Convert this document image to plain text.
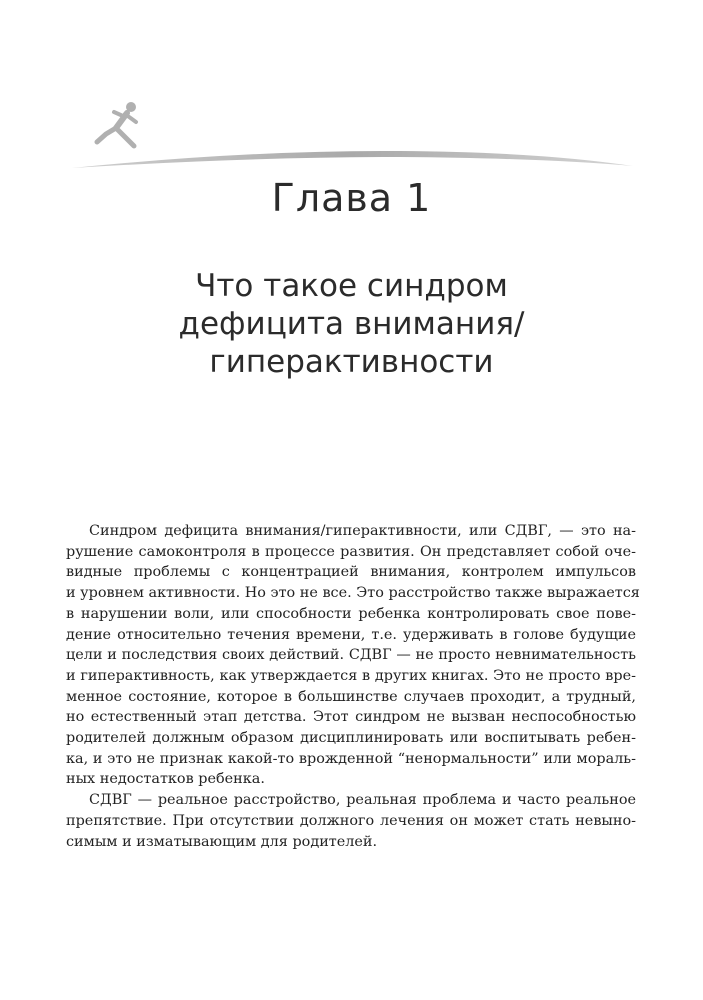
Глава 1
Что такое синдром
дефицита внимания/
гиперактивности
Синдром дефицита внимания/гиперактивности, или СДВГ, — это на-
рушение самоконтроля в процессе развития. Он представляет собой оче-
видные проблемы с концентрацией внимания, контролем импульсов
и уровнем активности. Но это не все. Это расстройство также выражается
в нарушении воли, или способности ребенка контролировать свое пове-
дение относительно течения времени, т.е. удерживать в голове будущие
цели и последствия своих действий. СДВГ — не просто невнимательность
и гиперактивность, как утверждается в других книгах. Это не просто вре-
менное состояние, которое в большинстве случаев проходит, а трудный,
но естественный этап детства. Этот синдром не вызван неспособностью
родителей должным образом дисциплинировать или воспитывать ребен-
ка, и это не признак какой-то врожденной “ненормальности” или мораль-
ных недостатков ребенка.
СДВГ — реальное расстройство, реальная проблема и часто реальное
препятствие. При отсутствии должного лечения он может стать невыно-
симым и изматывающим для родителей.
